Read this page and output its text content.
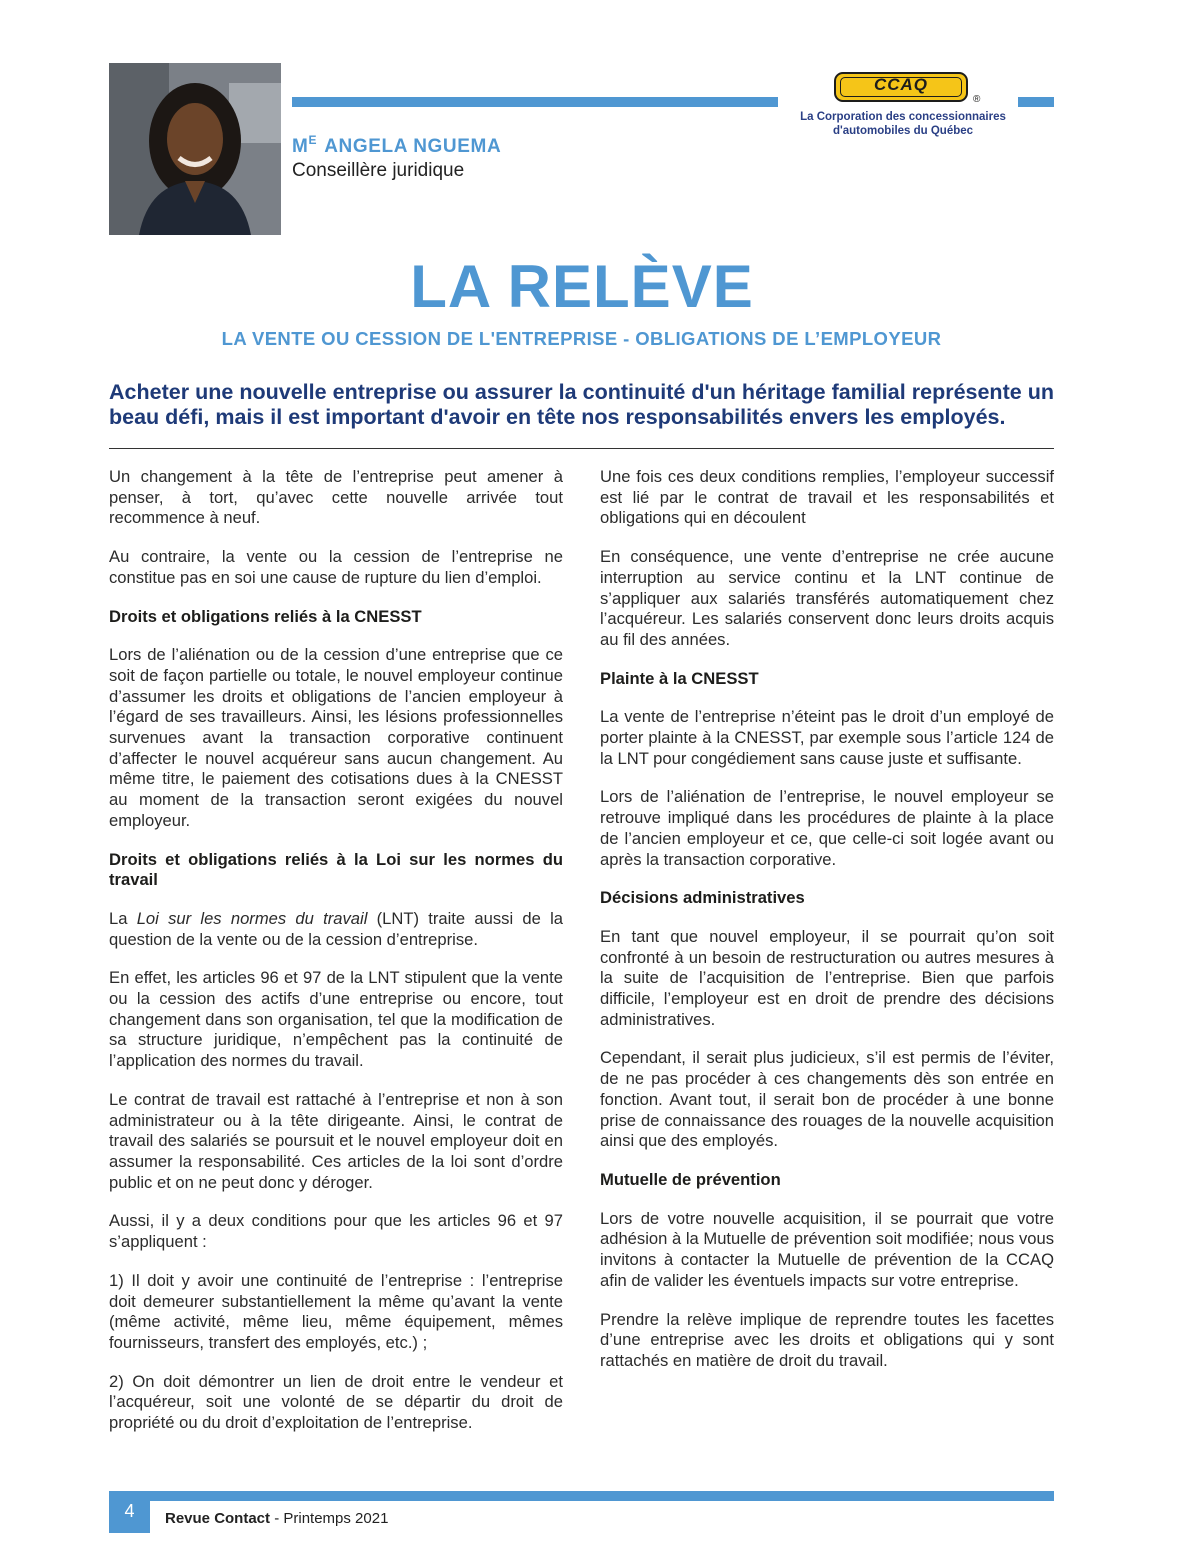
$M^E$ ANGELA NGUEMA
Conseillère juridique
CCAQ
®
La Corporation des concessionnaires
d'automobiles du Québec
LA RELÈVE
LA VENTE OU CESSION DE L'ENTREPRISE - OBLIGATIONS DE L’EMPLOYEUR
Acheter une nouvelle entreprise ou assurer la continuité d'un héritage familial représente un beau défi, mais il est important d'avoir en tête nos responsabilités envers les employés.

Un changement à la tête de l’entreprise peut amener à penser, à tort, qu’avec cette nouvelle arrivée tout recommence à neuf.

Au contraire, la vente ou la cession de l’entreprise ne constitue pas en soi une cause de rupture du lien d’emploi.

Droits et obligations reliés à la CNESST

Lors de l’aliénation ou de la cession d’une entreprise que ce soit de façon partielle ou totale, le nouvel employeur continue d’assumer les droits et obligations de l’ancien employeur à l’égard de ses travailleurs. Ainsi, les lésions professionnelles survenues avant la transaction corporative continuent d’affecter le nouvel acquéreur sans aucun changement. Au même titre, le paiement des cotisations dues à la CNESST au moment de la transaction seront exigées du nouvel employeur.

Droits et obligations reliés à la Loi sur les normes du travail

La Loi sur les normes du travail (LNT) traite aussi de la question de la vente ou de la cession d’entreprise.

En effet, les articles 96 et 97 de la LNT stipulent que la vente ou la cession des actifs d’une entreprise ou encore, tout changement dans son organisation, tel que la modification de sa structure juridique, n’empêchent pas la continuité de l’application des normes du travail.

Le contrat de travail est rattaché à l’entreprise et non à son administrateur ou à la tête dirigeante. Ainsi, le contrat de travail des salariés se poursuit et le nouvel employeur doit en assumer la responsabilité. Ces articles de la loi sont d’ordre public et on ne peut donc y déroger.

Aussi, il y a deux conditions pour que les articles 96 et 97 s’appliquent :

1) Il doit y avoir une continuité de l’entreprise : l’entreprise doit demeurer substantiellement la même qu’avant la vente (même activité, même lieu, même équipement, mêmes fournisseurs, transfert des employés, etc.) ;

2) On doit démontrer un lien de droit entre le vendeur et l’acquéreur, soit une volonté de se départir du droit de propriété ou du droit d’exploitation de l’entreprise.

Une fois ces deux conditions remplies, l’employeur successif est lié par le contrat de travail et les responsabilités et obligations qui en découlent

En conséquence, une vente d’entreprise ne crée aucune interruption au service continu et la LNT continue de s’appliquer aux salariés transférés automatiquement chez l’acquéreur. Les salariés conservent donc leurs droits acquis au fil des années.

Plainte à la CNESST

La vente de l’entreprise n’éteint pas le droit d’un employé de porter plainte à la CNESST, par exemple sous l’article 124 de la LNT pour congédiement sans cause juste et suffisante.

Lors de l’aliénation de l’entreprise, le nouvel employeur se retrouve impliqué dans les procédures de plainte à la place de l’ancien employeur et ce, que celle-ci soit logée avant ou après la transaction corporative.

Décisions administratives

En tant que nouvel employeur, il se pourrait qu’on soit confronté à un besoin de restructuration ou autres mesures à la suite de l’acquisition de l’entreprise. Bien que parfois difficile, l’employeur est en droit de prendre des décisions administratives.

Cependant, il serait plus judicieux, s’il est permis de l’éviter, de ne pas procéder à ces changements dès son entrée en fonction. Avant tout, il serait bon de procéder à une bonne prise de connaissance des rouages de la nouvelle acquisition ainsi que des employés.

Mutuelle de prévention

Lors de votre nouvelle acquisition, il se pourrait que votre adhésion à la Mutuelle de prévention soit modifiée; nous vous invitons à contacter la Mutuelle de prévention de la CCAQ afin de valider les éventuels impacts sur votre entreprise.

Prendre la relève implique de reprendre toutes les facettes d’une entreprise avec les droits et obligations qui y sont rattachés en matière de droit du travail.

4	Revue Contact - Printemps 2021
